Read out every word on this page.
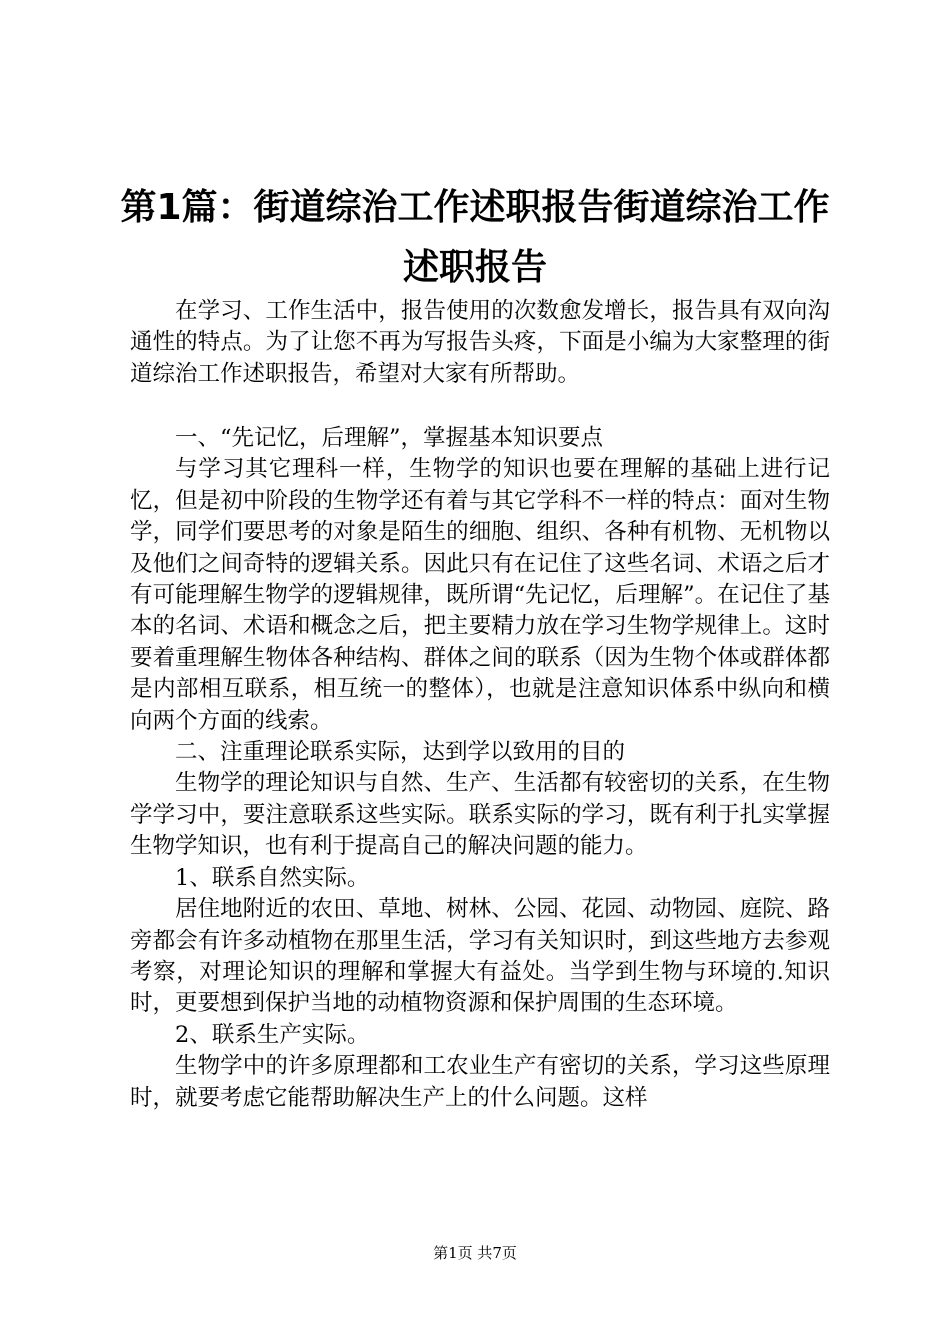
第1篇：街道综治工作述职报告街道综治工作
述职报告

在学习、工作生活中，报告使用的次数愈发增长，报告具有双向沟通性的特点。为了让您不再为写报告头疼，下面是小编为大家整理的街道综治工作述职报告，希望对大家有所帮助。

一、“先记忆，后理解”，掌握基本知识要点

与学习其它理科一样，生物学的知识也要在理解的基础上进行记忆，但是初中阶段的生物学还有着与其它学科不一样的特点：面对生物学，同学们要思考的对象是陌生的细胞、组织、各种有机物、无机物以及他们之间奇特的逻辑关系。因此只有在记住了这些名词、术语之后才有可能理解生物学的逻辑规律，既所谓“先记忆，后理解”。在记住了基本的名词、术语和概念之后，把主要精力放在学习生物学规律上。这时要着重理解生物体各种结构、群体之间的联系（因为生物个体或群体都是内部相互联系，相互统一的整体），也就是注意知识体系中纵向和横向两个方面的线索。

二、注重理论联系实际，达到学以致用的目的

生物学的理论知识与自然、生产、生活都有较密切的关系，在生物学学习中，要注意联系这些实际。联系实际的学习，既有利于扎实掌握生物学知识，也有利于提高自己的解决问题的能力。

1、联系自然实际。

居住地附近的农田、草地、树林、公园、花园、动物园、庭院、路旁都会有许多动植物在那里生活，学习有关知识时，到这些地方去参观考察，对理论知识的理解和掌握大有益处。当学到生物与环境的.知识时，更要想到保护当地的动植物资源和保护周围的生态环境。

2、联系生产实际。

生物学中的许多原理都和工农业生产有密切的关系，学习这些原理时，就要考虑它能帮助解决生产上的什么问题。这样

第1页 共7页
